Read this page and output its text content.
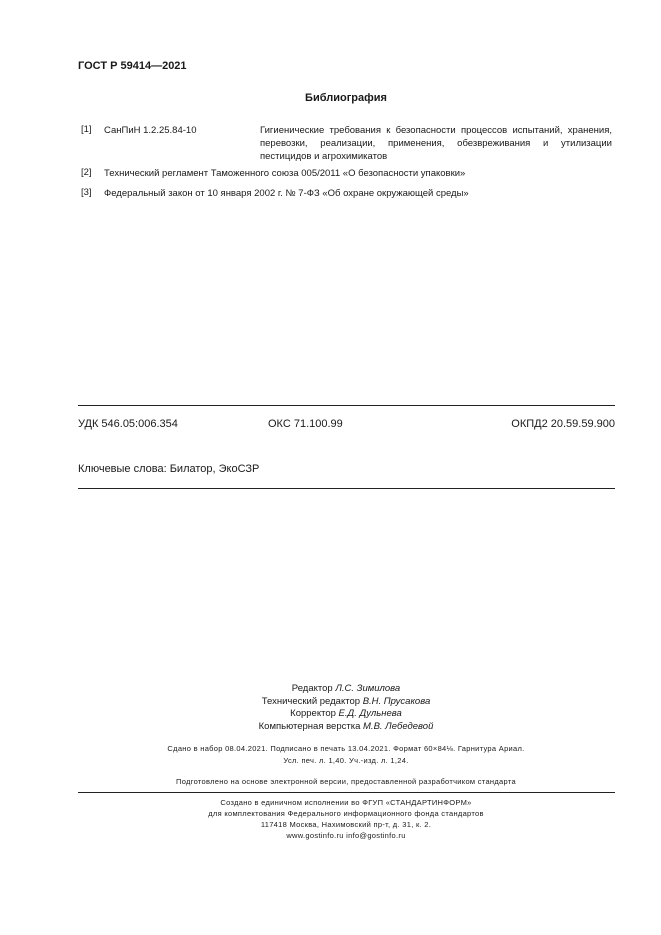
ГОСТ Р 59414—2021
Библиография
[1] СанПиН 1.2.25.84-10	Гигиенические требования к безопасности процессов испытаний, хранения, перевозки, реализации, применения, обезвреживания и утилизации пестицидов и агрохимикатов
[2] Технический регламент Таможенного союза 005/2011 «О безопасности упаковки»
[3] Федеральный закон от 10 января 2002 г. № 7-ФЗ «Об охране окружающей среды»
УДК 546.05:006.354	ОКС 71.100.99	ОКПД2 20.59.59.900
Ключевые слова: Билатор, ЭкоСЗР
Редактор Л.С. Зимилова
Технический редактор В.Н. Прусакова
Корректор Е.Д. Дульнева
Компьютерная верстка М.В. Лебедевой
Сдано в набор 08.04.2021. Подписано в печать 13.04.2021. Формат 60×84⅛. Гарнитура Ариал.
Усл. печ. л. 1,40. Уч.-изд. л. 1,24.
Подготовлено на основе электронной версии, предоставленной разработчиком стандарта
Создано в единичном исполнении во ФГУП «СТАНДАРТИНФОРМ»
для комплектования Федерального информационного фонда стандартов
117418 Москва, Нахимовский пр-т, д. 31, к. 2.
www.gostinfo.ru info@gostinfo.ru
